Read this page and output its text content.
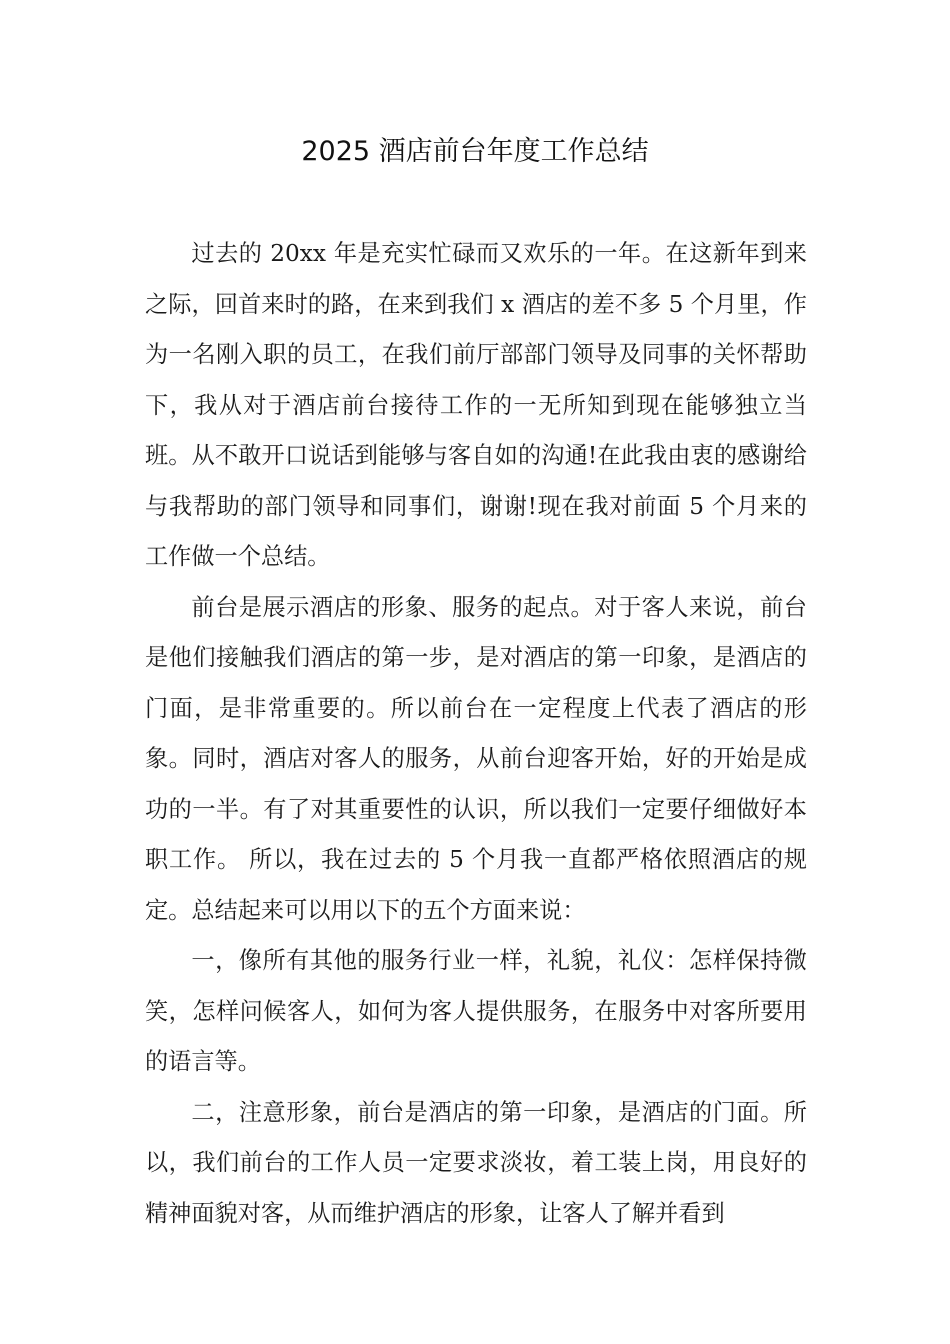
2025 酒店前台年度工作总结

过去的 20xx 年是充实忙碌而又欢乐的一年。在这新年到来之际，回首来时的路，在来到我们 x 酒店的差不多 5 个月里，作为一名刚入职的员工，在我们前厅部部门领导及同事的关怀帮助下，我从对于酒店前台接待工作的一无所知到现在能够独立当班。从不敢开口说话到能够与客自如的沟通!在此我由衷的感谢给与我帮助的部门领导和同事们，谢谢!现在我对前面 5 个月来的工作做一个总结。

前台是展示酒店的形象、服务的起点。对于客人来说，前台是他们接触我们酒店的第一步，是对酒店的第一印象，是酒店的门面，是非常重要的。所以前台在一定程度上代表了酒店的形象。同时，酒店对客人的服务，从前台迎客开始，好的开始是成功的一半。有了对其重要性的认识，所以我们一定要仔细做好本职工作。 所以，我在过去的 5 个月我一直都严格依照酒店的规定。总结起来可以用以下的五个方面来说：

一，像所有其他的服务行业一样，礼貌，礼仪：怎样保持微笑，怎样问候客人，如何为客人提供服务，在服务中对客所要用的语言等。

二，注意形象，前台是酒店的第一印象，是酒店的门面。所以，我们前台的工作人员一定要求淡妆，着工装上岗，用良好的精神面貌对客，从而维护酒店的形象，让客人了解并看到
